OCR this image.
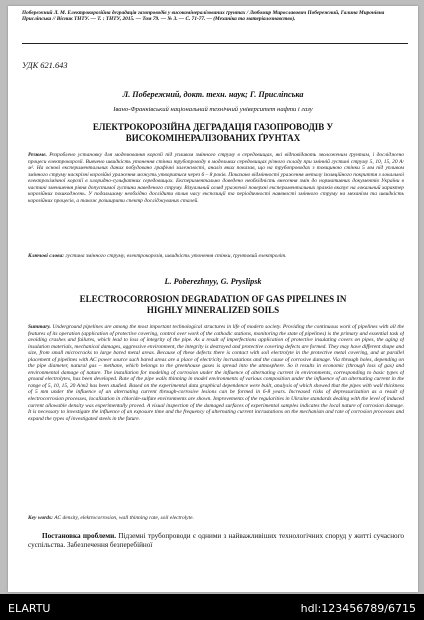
Побережний Л. М. Електрокорозійна деградація газопроводів у високомінералізованих ґрунтах / Любомир Мирославович Побережний, Галина Миронівна Присліпська // Вісник ТНТУ. — Т. : ТНТУ, 2015. — Том 79. — № 3. — С. 71-77. — (Механіка та матеріалознавство).
УДК 621.643
Л. Побережний, докт. техн. наук; Г. Прислiпська
Івано-Франківський національний технічний університет нафти і газу
ЕЛЕКТРОКОРОЗІЙНА ДЕГРАДАЦІЯ ГАЗОПРОВОДІВ У
ВИСОКОМІНЕРАЛІЗОВАНИХ ҐРУНТАХ
Резюме. Розроблено установку для моделювання корозії під упливом змінного струму в середовищах, які відповідають зволоженим ґрунтам, і досліджено процеси електрокорозії. Вивчено швидкість утонення стінки трубопроводу в модельних середовищах різного складу при змінній густині струму 5, 10, 15, 20 А/м². На основі експериментальних даних побудовано графічні залежності, аналіз яких показав, що на трубопроводах з товщиною стінки 5 мм під упливом змінного струму наскрізні корозійні ураження можуть утворитися через 6 – 8 років. Показано відмінності ураження металу ізоляційного покриття з локальної електрохімічної корозії в хлоридно-сульфатних середовищах. Експериментально доведено необхідність внесення змін до нормативних документів України в частині зменшення рівня допустимої густини наведеного струму. Візуальний огляд ураженої поверхні експериментальних зразків вказує на локальний характер корозійних пошкоджень. У подальшому необхідно дослідити вплив часу експозиції та періодичності наявності змінного струму на механізм та швидкість корозійних процесів, а також розширити спектр досліджуваних сталей.
Ключові слова: густина змінного струму, електрокорозія, швидкість утонення стінки, ґрунтовий електроліт.
L. Poberezhnyy, G. Pryslipsk
ELECTROCORROSION DEGRADATION OF GAS PIPELINES IN
HIGHLY MINERALIZED SOILS
Summary. Underground pipelines are among the most important technological structures in life of modern society. Providing the continuous work of pipelines with all the features of its operation (application of protective covering, control over work of the cathodic stations, monitoring the state of pipelines) is the primary and essential task of avoiding crashes and failures, which lead to loss of integrity of the pipe. As a result of imperfections application of protective insulating covers on pipes, the aging of insulation materials, mechanical damages, aggressive environment, the integrity is destroyed and protective covering defects are formed. They may have different shape and size, from small microcracks to large bared metal areas. Because of these defects there is contact with soil electrolyte in the protective metal covering, and at parallel placement of pipelines with AC power source such bared areas are a place of electricity incrustations and the cause of corrosive damage. Via through holes, depending on the pipe diameter, natural gas – methane, which belongs to the greenhouse gases is spread into the atmosphere. So it results in economic (through loss of gas) and environmental damage of nature. The installation for modeling of corrosion under the influence of alternating current in environments, corresponding to basic types of ground electrolytes, has been developed. Rate of the pipe walls thinning in model environments of various composition under the influence of an alternating current in the range of 5, 10, 15, 20 A/m2 has been studied. Based on the experimental data graphical dependence were built, analysis of which showed that the pipes with wall thickness of 5 mm under the influence of an alternating current through-corrosive lesions can be formed in 6-8 years. Increased risks of depressurization as a result of electrocorrosion processes, localization in chloride-sulfate environments are shown. Improvements of the regularities in Ukraine standards dealing with the level of induced current allowable density was experimentally proved. A visual inspection of the damaged surfaces of experimental samples indicates the local nature of corrosion damage. It is necessary to investigate the influence of an exposure time and the frequency of alternating current incrustations on the mechanism and rate of corrosion processes and expand the types of investigated steels in the future.
Key words: AC density, elektrocorrosion, wall thinning rate, soil electrolyte.
Постановка проблеми. Підземні трубопроводи є одними з найважливіших технологічних споруд у житті сучасного суспільства. Забезпечення безперебійної
ELARTU	hdl:123456789/6715
